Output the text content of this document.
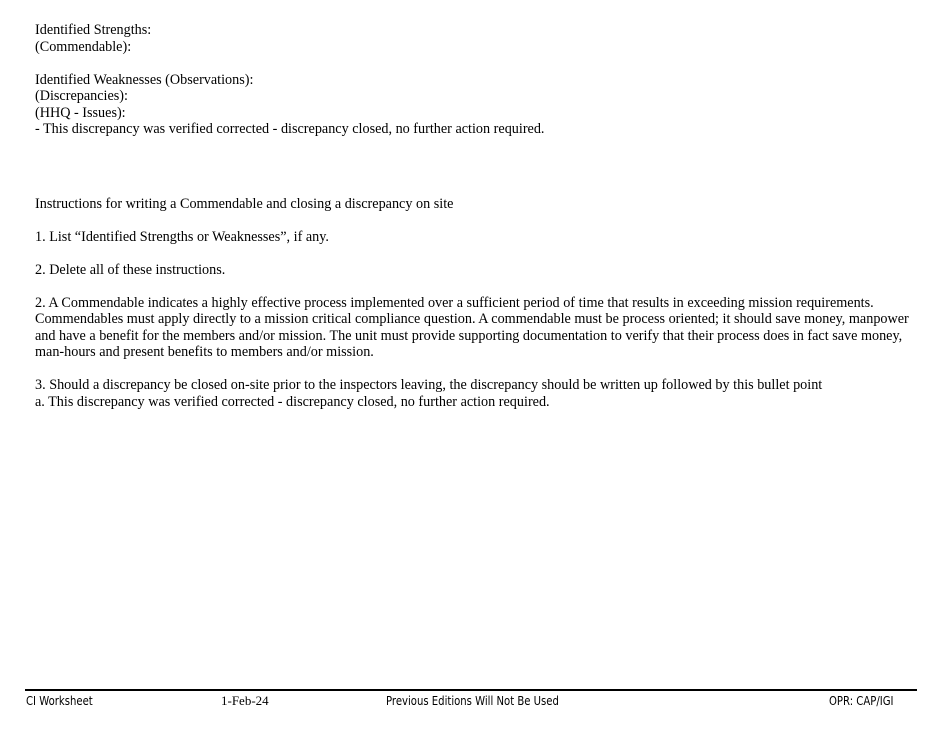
Identified Strengths:
(Commendable):
Identified Weaknesses (Observations):
(Discrepancies):
(HHQ - Issues):
- This discrepancy was verified corrected - discrepancy closed, no further action required.
Instructions for writing a Commendable and closing a discrepancy on site
1. List “Identified Strengths or Weaknesses”, if any.
2. Delete all of these instructions.
2. A Commendable indicates a highly effective process implemented over a sufficient period of time that results in exceeding mission requirements. Commendables must apply directly to a mission critical compliance question. A commendable must be process oriented; it should save money, manpower and have a benefit for the members and/or mission. The unit must provide supporting documentation to verify that their process does in fact save money, man-hours and present benefits to members and/or mission.
3. Should a discrepancy be closed on-site prior to the inspectors leaving, the discrepancy should be written up followed by this bullet point
a. This discrepancy was verified corrected - discrepancy closed, no further action required.
CI Worksheet	1-Feb-24	Previous Editions Will Not Be Used	OPR: CAP/IGI
